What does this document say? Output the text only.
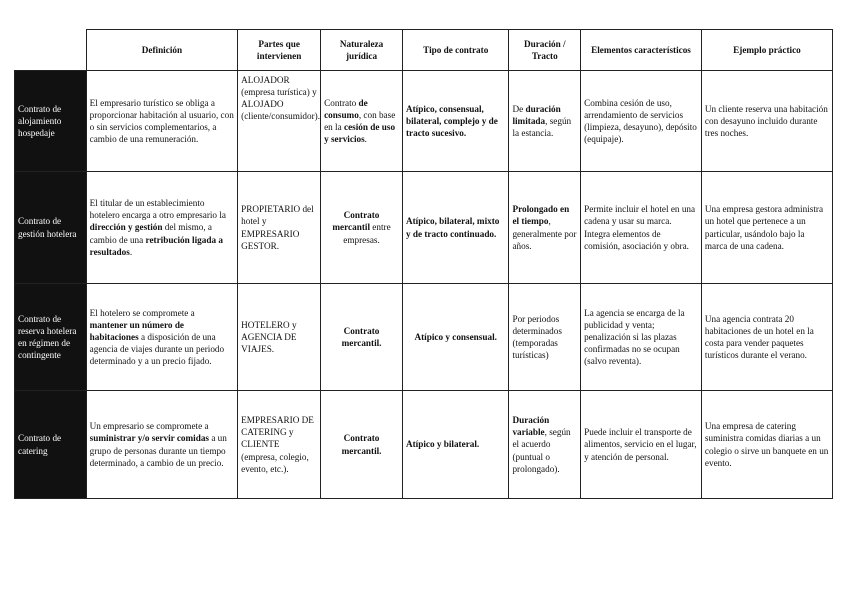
	Definición	Partes que intervienen	Naturaleza jurídica	Tipo de contrato	Duración / Tracto	Elementos característicos	Ejemplo práctico
Contrato de alojamiento hospedaje	El empresario turístico se obliga a proporcionar habitación al usuario, con o sin servicios complementarios, a cambio de una remuneración.	ALOJADOR (empresa turística) y ALOJADO (cliente/consumidor).	Contrato de consumo, con base en la cesión de uso y servicios.	Atípico, consensual, bilateral, complejo y de tracto sucesivo.	De duración limitada, según la estancia.	Combina cesión de uso, arrendamiento de servicios (limpieza, desayuno), depósito (equipaje).	Un cliente reserva una habitación con desayuno incluido durante tres noches.
Contrato de gestión hotelera	El titular de un establecimiento hotelero encarga a otro empresario la dirección y gestión del mismo, a cambio de una retribución ligada a resultados.	PROPIETARIO del hotel y EMPRESARIO GESTOR.	Contrato mercantil entre empresas.	Atípico, bilateral, mixto y de tracto continuado.	Prolongado en el tiempo, generalmente por años.	Permite incluir el hotel en una cadena y usar su marca. Integra elementos de comisión, asociación y obra.	Una empresa gestora administra un hotel que pertenece a un particular, usándolo bajo la marca de una cadena.
Contrato de reserva hotelera en régimen de contingente	El hotelero se compromete a mantener un número de habitaciones a disposición de una agencia de viajes durante un periodo determinado y a un precio fijado.	HOTELERO y AGENCIA DE VIAJES.	Contrato mercantil.	Atípico y consensual.	Por periodos determinados (temporadas turísticas)	La agencia se encarga de la publicidad y venta; penalización si las plazas confirmadas no se ocupan (salvo reventa).	Una agencia contrata 20 habitaciones de un hotel en la costa para vender paquetes turísticos durante el verano.
Contrato de catering	Un empresario se compromete a suministrar y/o servir comidas a un grupo de personas durante un tiempo determinado, a cambio de un precio.	EMPRESARIO DE CATERING y CLIENTE (empresa, colegio, evento, etc.).	Contrato mercantil.	Atípico y bilateral.	Duración variable, según el acuerdo (puntual o prolongado).	Puede incluir el transporte de alimentos, servicio en el lugar, y atención de personal.	Una empresa de catering suministra comidas diarias a un colegio o sirve un banquete en un evento.
